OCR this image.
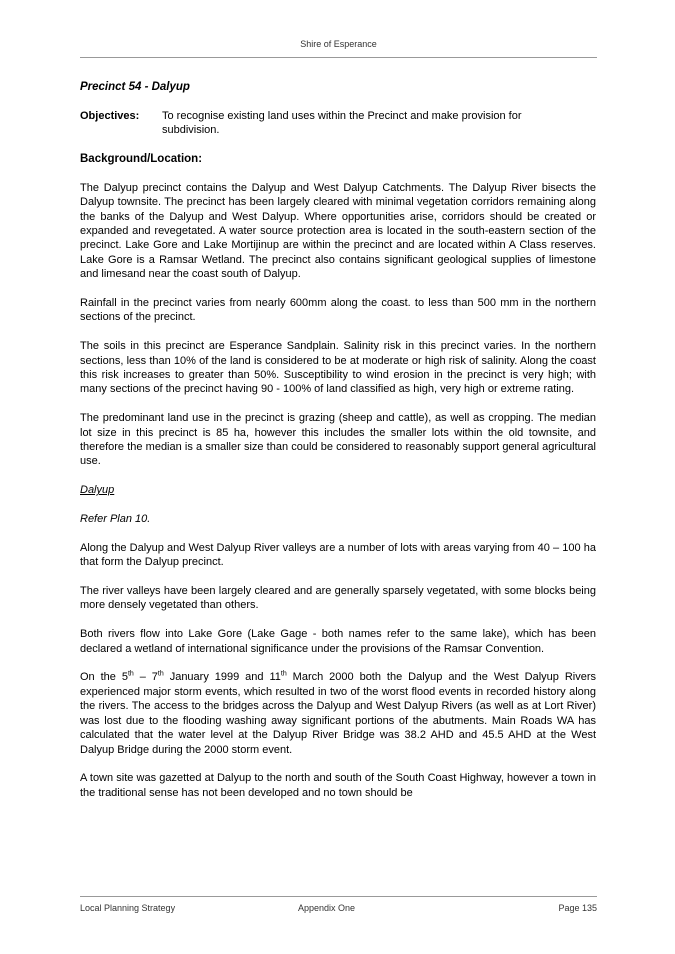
Shire of Esperance
Precinct 54 - Dalyup
Objectives:	To recognise existing land uses within the Precinct and make provision for subdivision.
Background/Location:

The Dalyup precinct contains the Dalyup and West Dalyup Catchments. The Dalyup River bisects the Dalyup townsite. The precinct has been largely cleared with minimal vegetation corridors remaining along the banks of the Dalyup and West Dalyup. Where opportunities arise, corridors should be created or expanded and revegetated. A water source protection area is located in the south-eastern section of the precinct. Lake Gore and Lake Mortijinup are within the precinct and are located within A Class reserves. Lake Gore is a Ramsar Wetland. The precinct also contains significant geological supplies of limestone and limesand near the coast south of Dalyup.

Rainfall in the precinct varies from nearly 600mm along the coast. to less than 500 mm in the northern sections of the precinct.

The soils in this precinct are Esperance Sandplain. Salinity risk in this precinct varies. In the northern sections, less than 10% of the land is considered to be at moderate or high risk of salinity. Along the coast this risk increases to greater than 50%. Susceptibility to wind erosion in the precinct is very high; with many sections of the precinct having 90 - 100% of land classified as high, very high or extreme rating.

The predominant land use in the precinct is grazing (sheep and cattle), as well as cropping. The median lot size in this precinct is 85 ha, however this includes the smaller lots within the old townsite, and therefore the median is a smaller size than could be considered to reasonably support general agricultural use.

Dalyup
Refer Plan 10.

Along the Dalyup and West Dalyup River valleys are a number of lots with areas varying from 40 – 100 ha that form the Dalyup precinct.

The river valleys have been largely cleared and are generally sparsely vegetated, with some blocks being more densely vegetated than others.

Both rivers flow into Lake Gore (Lake Gage - both names refer to the same lake), which has been declared a wetland of international significance under the provisions of the Ramsar Convention.

On the 5th – 7th January 1999 and 11th March 2000 both the Dalyup and the West Dalyup Rivers experienced major storm events, which resulted in two of the worst flood events in recorded history along the rivers. The access to the bridges across the Dalyup and West Dalyup Rivers (as well as at Lort River) was lost due to the flooding washing away significant portions of the abutments. Main Roads WA has calculated that the water level at the Dalyup River Bridge was 38.2 AHD and 45.5 AHD at the West Dalyup Bridge during the 2000 storm event.

A town site was gazetted at Dalyup to the north and south of the South Coast Highway, however a town in the traditional sense has not been developed and no town should be

Local Planning Strategy	Appendix One	Page 135
